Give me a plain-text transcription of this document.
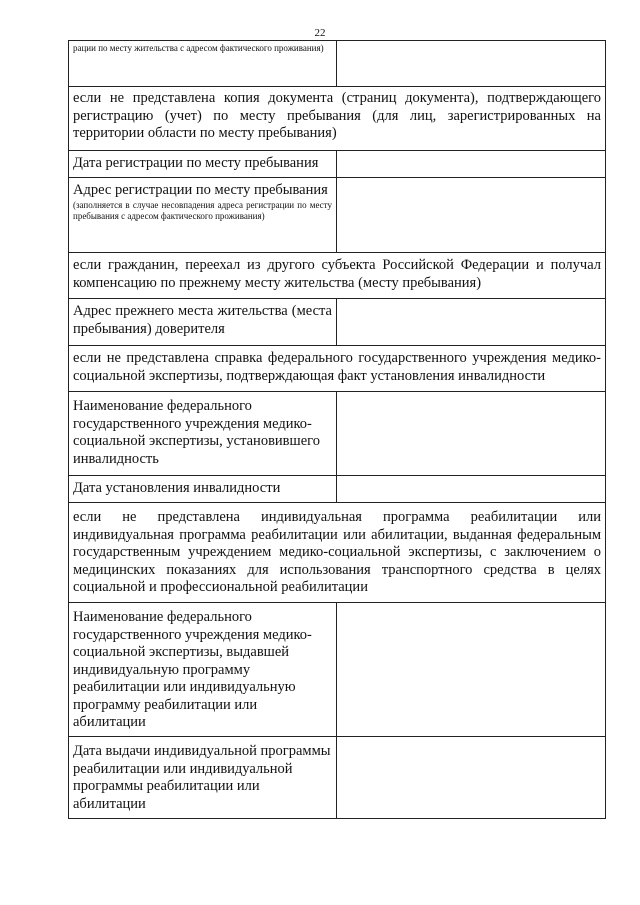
22
рации по месту жительства с адресом фактического проживания)	

если не представлена копия документа (страниц документа), подтверждающего регистрацию (учет) по месту пребывания (для лиц, зарегистрированных на территории области по месту пребывания)	

Дата регистрации по месту пребывания	

Адрес регистрации по месту пребывания
(заполняется в случае несовпадения адреса регистрации по месту пребывания с адресом фактического проживания)	

если гражданин, переехал из другого субъекта Российской Федерации и получал компенсацию по прежнему месту жительства (месту пребывания)	

Адрес прежнего места жительства (места пребывания) доверителя	

если не представлена справка федерального государственного учреждения медико-социальной экспертизы, подтверждающая факт установления инвалидности	

Наименование федерального государственного учреждения медико-социальной экспертизы, установившего инвалидность	

Дата установления инвалидности	

если не представлена индивидуальная программа реабилитации или индивидуальная программа реабилитации или абилитации, выданная федеральным государственным учреждением медико-социальной экспертизы, с заключением о медицинских показаниях для использования транспортного средства в целях социальной и профессиональной реабилитации	

Наименование федерального государственного учреждения медико-социальной экспертизы, выдавшей индивидуальную программу реабилитации или индивидуальную программу реабилитации или абилитации	

Дата выдачи индивидуальной программы реабилитации или индивидуальной программы реабилитации или абилитации	
